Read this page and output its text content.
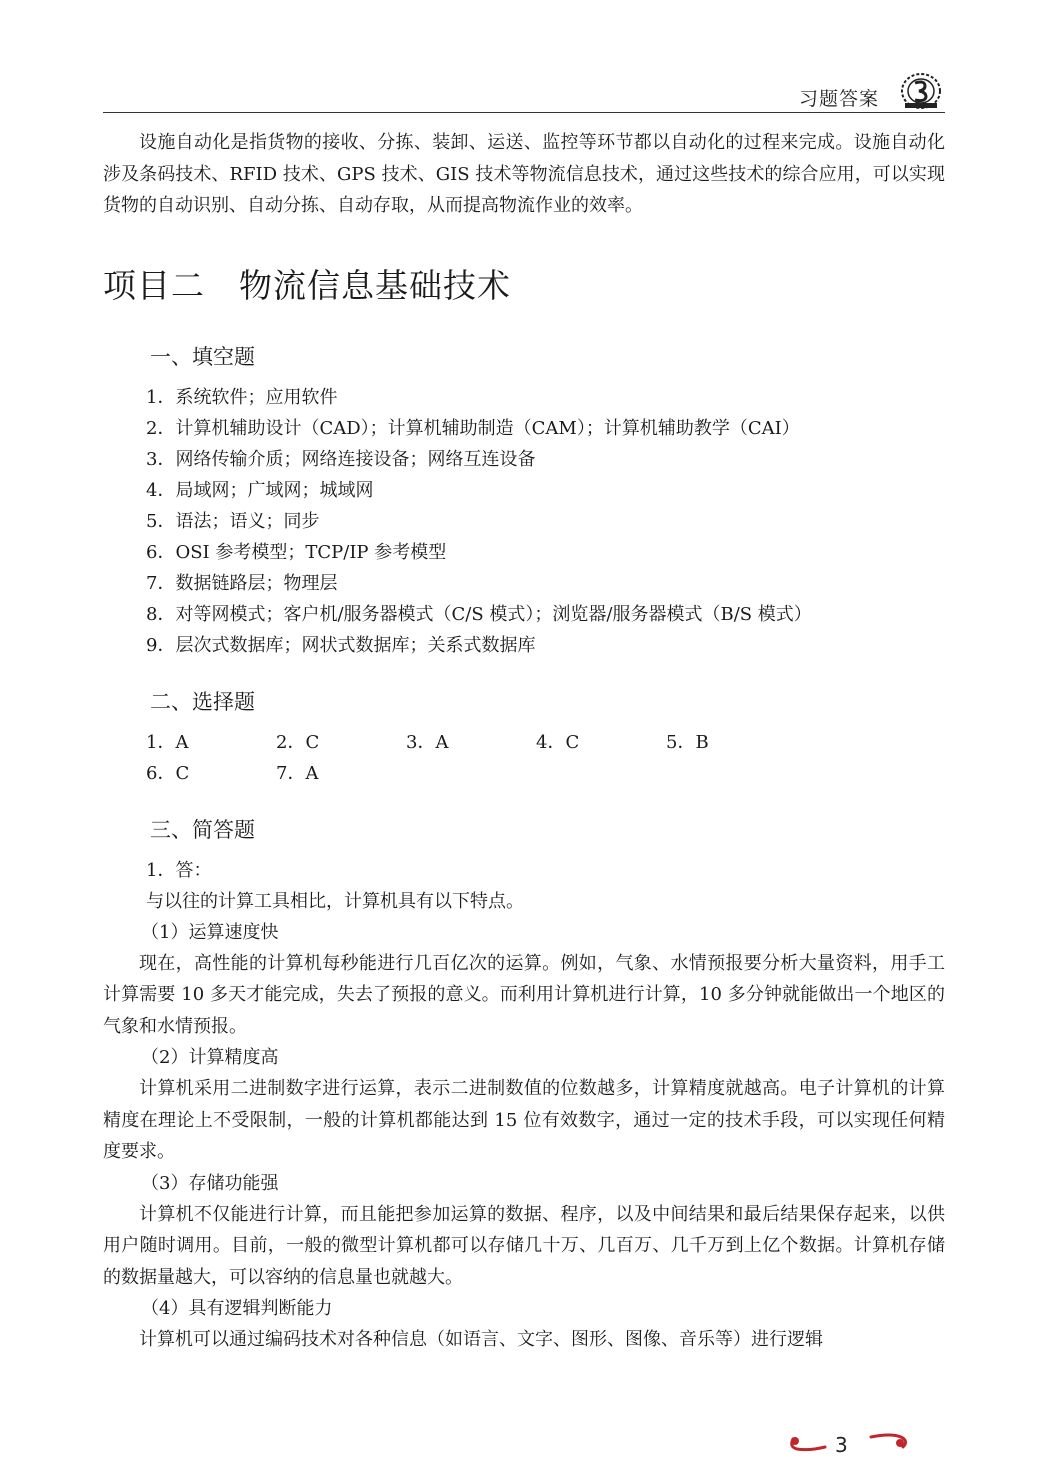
习题答案

设施自动化是指货物的接收、分拣、装卸、运送、监控等环节都以自动化的过程来完成。设施自动化涉及条码技术、RFID 技术、GPS 技术、GIS 技术等物流信息技术，通过这些技术的综合应用，可以实现货物的自动识别、自动分拣、自动存取，从而提高物流作业的效率。

项目二　物流信息基础技术
一、填空题
1．系统软件；应用软件
2．计算机辅助设计（CAD）；计算机辅助制造（CAM）；计算机辅助教学（CAI）
3．网络传输介质；网络连接设备；网络互连设备
4．局域网；广域网；城域网
5．语法；语义；同步
6．OSI 参考模型；TCP/IP 参考模型
7．数据链路层；物理层
8．对等网模式；客户机/服务器模式（C/S 模式）；浏览器/服务器模式（B/S 模式）
9．层次式数据库；网状式数据库；关系式数据库
二、选择题
1．A	2．C	3．A	4．C	5．B
6．C	7．A
三、简答题
1．答：
与以往的计算工具相比，计算机具有以下特点。
（1）运算速度快

现在，高性能的计算机每秒能进行几百亿次的运算。例如，气象、水情预报要分析大量资料，用手工计算需要 10 多天才能完成，失去了预报的意义。而利用计算机进行计算，10 多分钟就能做出一个地区的气象和水情预报。

（2）计算精度高

计算机采用二进制数字进行运算，表示二进制数值的位数越多，计算精度就越高。电子计算机的计算精度在理论上不受限制，一般的计算机都能达到 15 位有效数字，通过一定的技术手段，可以实现任何精度要求。

（3）存储功能强

计算机不仅能进行计算，而且能把参加运算的数据、程序，以及中间结果和最后结果保存起来，以供用户随时调用。目前，一般的微型计算机都可以存储几十万、几百万、几千万到上亿个数据。计算机存储的数据量越大，可以容纳的信息量也就越大。

（4）具有逻辑判断能力

计算机可以通过编码技术对各种信息（如语言、文字、图形、图像、音乐等）进行逻辑

3
